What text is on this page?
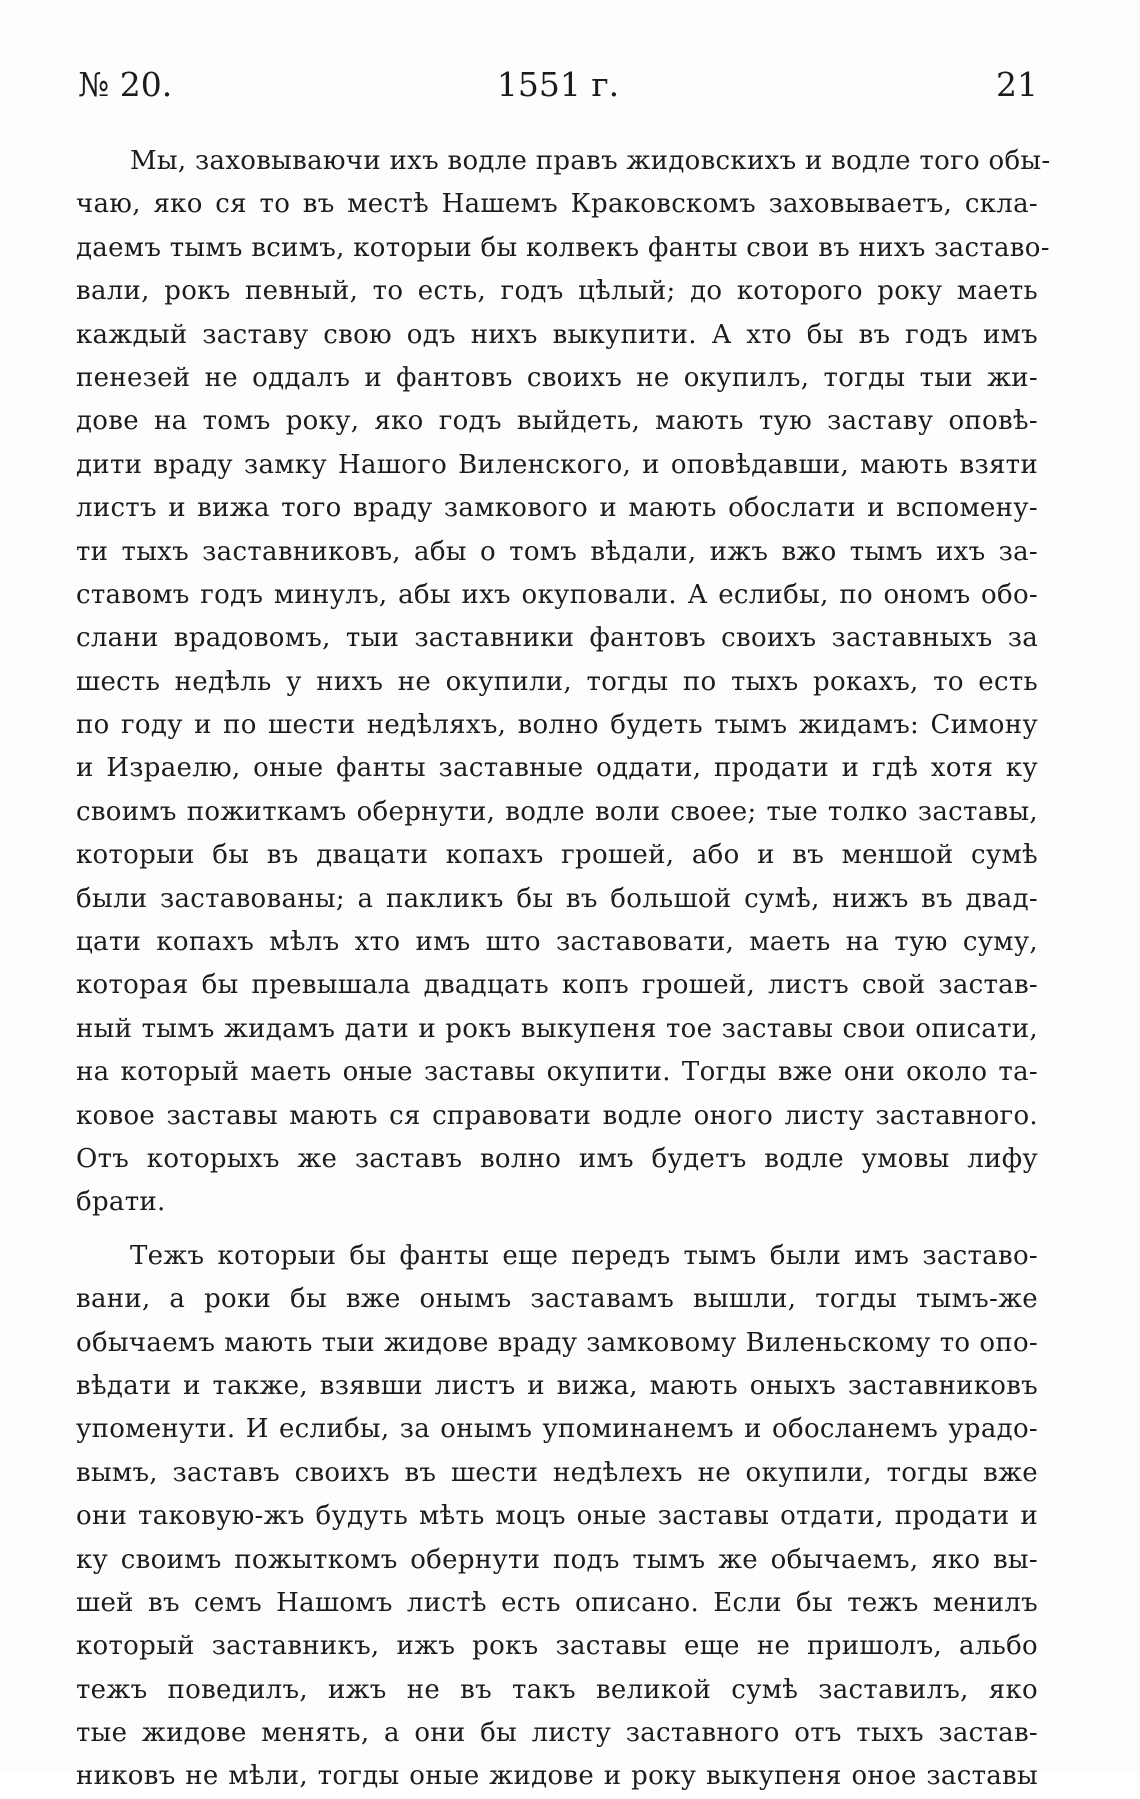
№ 20.	1551 г.	21
Мы, заховываючи ихъ водле правъ жидовскихъ и водле того обы-
чаю, яко ся то въ местѣ Нашемъ Краковскомъ заховываетъ, скла-
даемъ тымъ всимъ, которыи бы колвекъ фанты свои въ нихъ заставо-
вали, рокъ певный, то есть, годъ цѣлый; до которого року маеть
каждый заставу свою одъ нихъ выкупити. А хто бы въ годъ имъ
пенезей не оддалъ и фантовъ своихъ не окупилъ, тогды тыи жи-
дове на томъ року, яко годъ выйдеть, мають тую заставу оповѣ-
дити враду замку Нашого Виленского, и оповѣдавши, мають взяти
листъ и вижа того враду замкового и мають обослати и вспомену-
ти тыхъ заставниковъ, абы о томъ вѣдали, ижъ вжо тымъ ихъ за-
ставомъ годъ минулъ, абы ихъ окуповали. А еслибы, по ономъ обо-
слани врадовомъ, тыи заставники фантовъ своихъ заставныхъ за
шесть недѣль у нихъ не окупили, тогды по тыхъ рокахъ, то есть
по году и по шести недѣляхъ, волно будеть тымъ жидамъ: Симону
и Израелю, оные фанты заставные оддати, продати и гдѣ хотя ку
своимъ пожиткамъ обернути, водле воли своее; тые толко заставы,
которыи бы въ двацати копахъ грошей, або и въ меншой сумѣ
были заставованы; а пакликъ бы въ большой сумѣ, нижъ въ двад-
цати копахъ мѣлъ хто имъ што заставовати, маеть на тую суму,
которая бы превышала двадцать копъ грошей, листъ свой застав-
ный тымъ жидамъ дати и рокъ выкупеня тое заставы свои описати,
на который маеть оные заставы окупити. Тогды вже они около та-
ковое заставы мають ся справовати водле оного листу заставного.
Отъ которыхъ же заставъ волно имъ будетъ водле умовы лифу
брати.
Тежъ которыи бы фанты еще передъ тымъ были имъ заставо-
вани, а роки бы вже онымъ заставамъ вышли, тогды тымъ-же
обычаемъ мають тыи жидове враду замковому Виленьскому то опо-
вѣдати и также, взявши листъ и вижа, мають оныхъ заставниковъ
упоменути. И еслибы, за онымъ упоминанемъ и обосланемъ урадо-
вымъ, заставъ своихъ въ шести недѣлехъ не окупили, тогды вже
они таковую-жъ будуть мѣть моцъ оные заставы отдати, продати и
ку своимъ пожыткомъ обернути подъ тымъ же обычаемъ, яко вы-
шей въ семъ Нашомъ листѣ есть описано. Если бы тежъ менилъ
который заставникъ, ижъ рокъ заставы еще не пришолъ, альбо
тежъ поведилъ, ижъ не въ такъ великой сумѣ заставилъ, яко
тые жидове менять, а они бы листу заставного отъ тыхъ застав-
никовъ не мѣли, тогды оные жидове и року выкупеня оное заставы
